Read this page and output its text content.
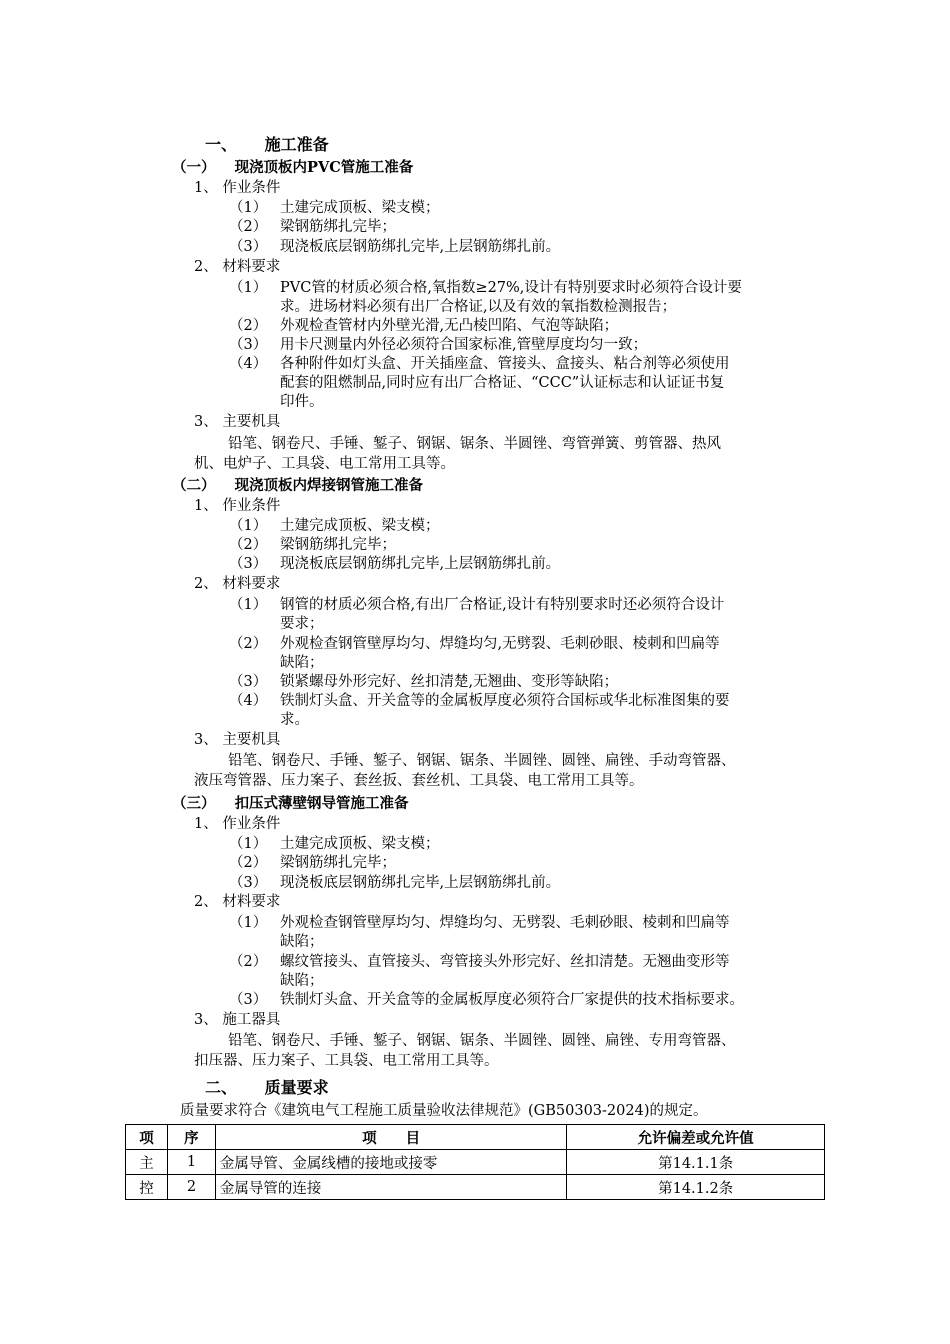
一、 施工准备
（一） 现浇顶板内PVC管施工准备
1、 作业条件
（1） 土建完成顶板、梁支模；
（2） 梁钢筋绑扎完毕；
（3） 现浇板底层钢筋绑扎完毕,上层钢筋绑扎前。
2、 材料要求
（1） PVC管的材质必须合格,氧指数≥27%,设计有特别要求时必须符合设计要
求。进场材料必须有出厂合格证,以及有效的氧指数检测报告；
（2） 外观检查管材内外壁光滑,无凸棱凹陷、气泡等缺陷；
（3） 用卡尺测量内外径必须符合国家标准,管壁厚度均匀一致；
（4） 各种附件如灯头盒、开关插座盒、管接头、盒接头、粘合剂等必须使用
配套的阻燃制品,同时应有出厂合格证、“CCC”认证标志和认证证书复
印件。
3、 主要机具
铅笔、钢卷尺、手锤、錾子、钢锯、锯条、半圆锉、弯管弹簧、剪管器、热风
机、电炉子、工具袋、电工常用工具等。
（二） 现浇顶板内焊接钢管施工准备
1、 作业条件
（1） 土建完成顶板、梁支模；
（2） 梁钢筋绑扎完毕；
（3） 现浇板底层钢筋绑扎完毕,上层钢筋绑扎前。
2、 材料要求
（1） 钢管的材质必须合格,有出厂合格证,设计有特别要求时还必须符合设计
要求；
（2） 外观检查钢管壁厚均匀、焊缝均匀,无劈裂、毛刺砂眼、棱刺和凹扁等
缺陷；
（3） 锁紧螺母外形完好、丝扣清楚,无翘曲、变形等缺陷；
（4） 铁制灯头盒、开关盒等的金属板厚度必须符合国标或华北标准图集的要
求。
3、 主要机具
铅笔、钢卷尺、手锤、錾子、钢锯、锯条、半圆锉、圆锉、扁锉、手动弯管器、
液压弯管器、压力案子、套丝扳、套丝机、工具袋、电工常用工具等。
（三） 扣压式薄壁钢导管施工准备
1、 作业条件
（1） 土建完成顶板、梁支模；
（2） 梁钢筋绑扎完毕；
（3） 现浇板底层钢筋绑扎完毕,上层钢筋绑扎前。
2、 材料要求
（1） 外观检查钢管壁厚均匀、焊缝均匀、无劈裂、毛刺砂眼、棱刺和凹扁等
缺陷；
（2） 螺纹管接头、直管接头、弯管接头外形完好、丝扣清楚。无翘曲变形等
缺陷；
（3） 铁制灯头盒、开关盒等的金属板厚度必须符合厂家提供的技术指标要求。
3、 施工器具
铅笔、钢卷尺、手锤、錾子、钢锯、锯条、半圆锉、圆锉、扁锉、专用弯管器、
扣压器、压力案子、工具袋、电工常用工具等。
二、 质量要求
质量要求符合《建筑电气工程施工质量验收法律规范》(GB50303-2024)的规定。
项	序	项　　目	允许偏差或允许值
主	1	金属导管、金属线槽的接地或接零	第14.1.1条
控	2	金属导管的连接	第14.1.2条
